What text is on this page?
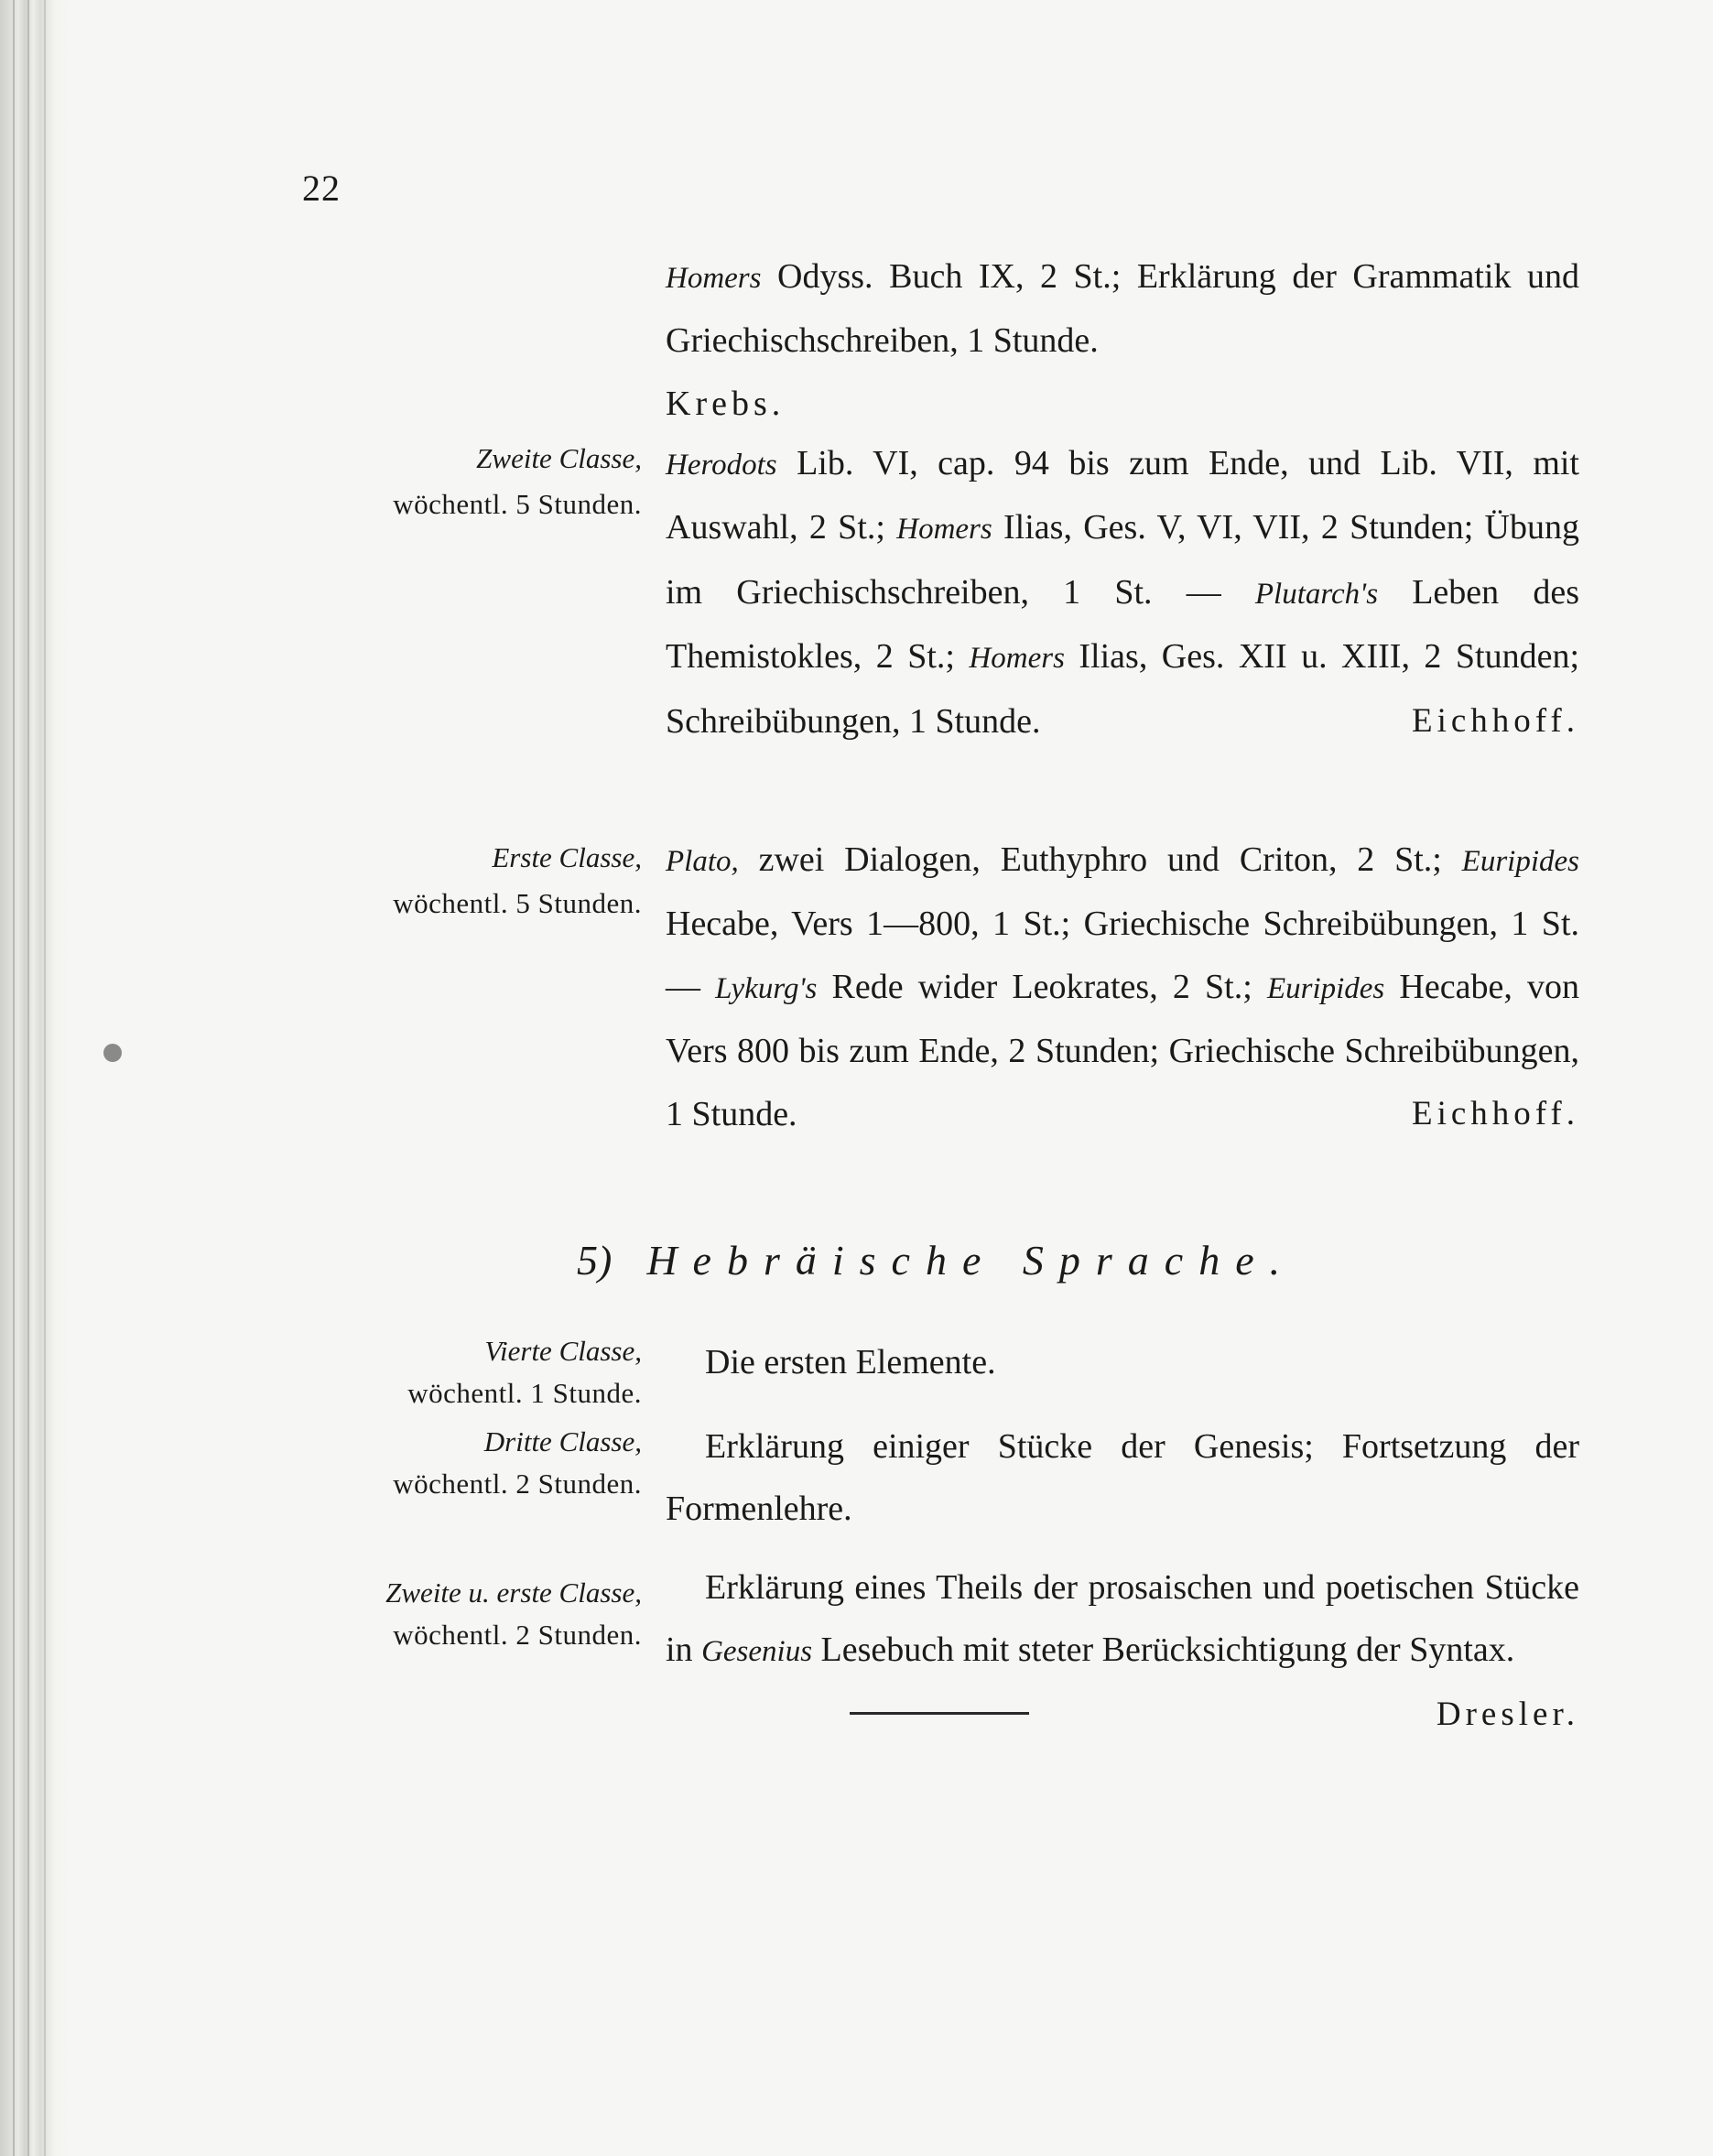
22
Homers Odyss. Buch IX, 2 St.; Erklärung der Grammatik und Griechischschreiben, 1 Stunde.
Krebs.
Zweite Classe,
wöchentl. 5 Stunden.
Herodots Lib. VI, cap. 94 bis zum Ende, und Lib. VII, mit Auswahl, 2 St.; Homers Ilias, Ges. V, VI, VII, 2 Stunden; Übung im Griechischschreiben, 1 St. — Plutarch's Leben des Themistokles, 2 St.; Homers Ilias, Ges. XII u. XIII, 2 Stunden; Schreibübungen, 1 Stunde.	Eichhoff.
Erste Classe,
wöchentl. 5 Stunden.
Plato, zwei Dialogen, Euthyphro und Criton, 2 St.; Euripides Hecabe, Vers 1—800, 1 St.; Griechische Schreibübungen, 1 St. — Lykurg's Rede wider Leokrates, 2 St.; Euripides Hecabe, von Vers 800 bis zum Ende, 2 Stunden; Griechische Schreibübungen, 1 Stunde.	Eichhoff.
5) Hebräische Sprache.
Vierte Classe,
wöchentl. 1 Stunde.
Die ersten Elemente.
Dritte Classe,
wöchentl. 2 Stunden.
Erklärung einiger Stücke der Genesis; Fortsetzung der Formenlehre.
Zweite u. erste Classe,
wöchentl. 2 Stunden.
Erklärung eines Theils der prosaischen und poetischen Stücke in Gesenius Lesebuch mit steter Berücksichtigung der Syntax.
Dresler.
